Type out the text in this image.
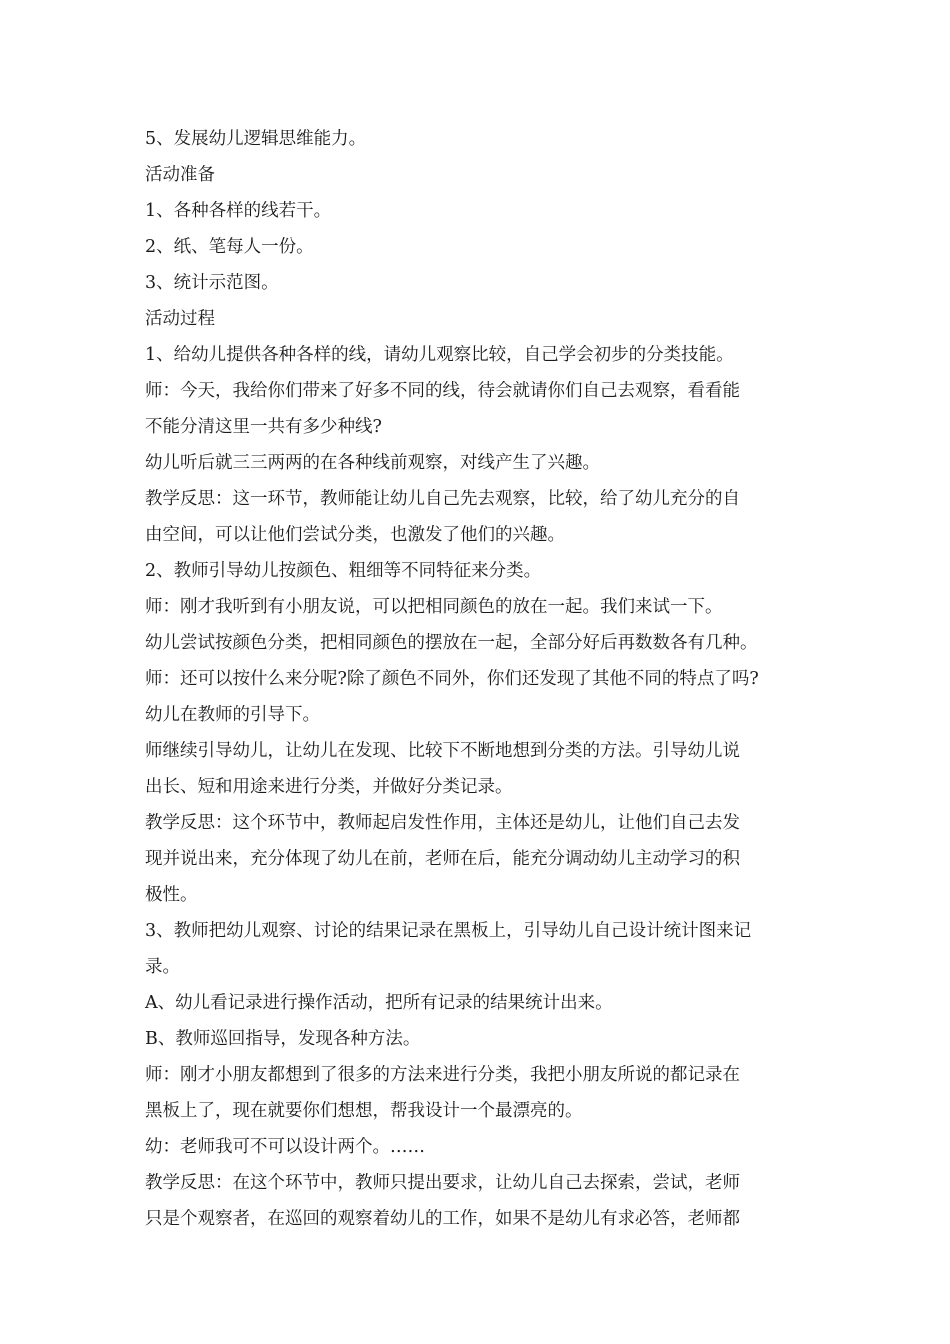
5、发展幼儿逻辑思维能力。
活动准备
1、各种各样的线若干。
2、纸、笔每人一份。
3、统计示范图。
活动过程
1、给幼儿提供各种各样的线，请幼儿观察比较，自己学会初步的分类技能。
师：今天，我给你们带来了好多不同的线，待会就请你们自己去观察，看看能
不能分清这里一共有多少种线?
幼儿听后就三三两两的在各种线前观察，对线产生了兴趣。
教学反思：这一环节，教师能让幼儿自己先去观察，比较，给了幼儿充分的自
由空间，可以让他们尝试分类，也激发了他们的兴趣。
2、教师引导幼儿按颜色、粗细等不同特征来分类。
师：刚才我听到有小朋友说，可以把相同颜色的放在一起。我们来试一下。
幼儿尝试按颜色分类，把相同颜色的摆放在一起，全部分好后再数数各有几种。
师：还可以按什么来分呢?除了颜色不同外，你们还发现了其他不同的特点了吗?
幼儿在教师的引导下。
师继续引导幼儿，让幼儿在发现、比较下不断地想到分类的方法。引导幼儿说
出长、短和用途来进行分类，并做好分类记录。
教学反思：这个环节中，教师起启发性作用，主体还是幼儿，让他们自己去发
现并说出来，充分体现了幼儿在前，老师在后，能充分调动幼儿主动学习的积
极性。
3、教师把幼儿观察、讨论的结果记录在黑板上，引导幼儿自己设计统计图来记
录。
A、幼儿看记录进行操作活动，把所有记录的结果统计出来。
B、教师巡回指导，发现各种方法。
师：刚才小朋友都想到了很多的方法来进行分类，我把小朋友所说的都记录在
黑板上了，现在就要你们想想，帮我设计一个最漂亮的。
幼：老师我可不可以设计两个。……
教学反思：在这个环节中，教师只提出要求，让幼儿自己去探索，尝试，老师
只是个观察者，在巡回的观察着幼儿的工作，如果不是幼儿有求必答，老师都
